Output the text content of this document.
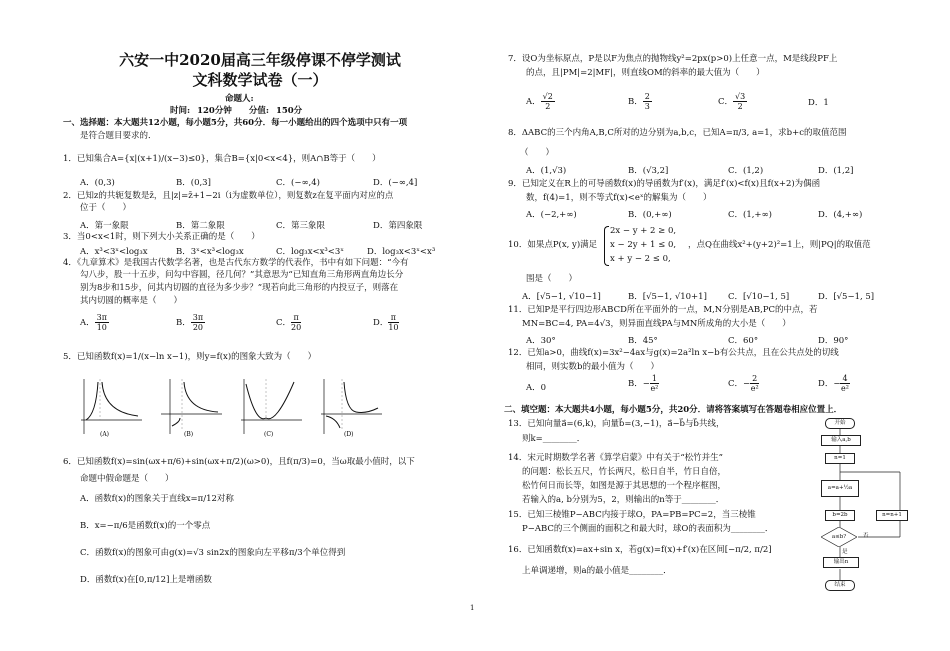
六安一中2020届高三年级停课不停学测试
文科数学试卷（一）
命题人:
时间: 120分钟　　分值: 150分
一、选择题：本大题共12小题，每小题5分，共60分．每一小题给出的四个选项中只有一项
是符合题目要求的．
1．已知集合A={x|(x+1)/(x−3)≤0}，集合B={x|0<x<4}，则A∩B等于（　　）
A．(0,3)	B．(0,3]	C．(−∞,4)	D．(−∞,4]
2．已知z的共轭复数是z̄，且|z|=z̄+1−2i（i为虚数单位），则复数z在复平面内对应的点
位于（　　）
A．第一象限	B．第二象限	C．第三象限	D．第四象限
3．当0<x<1时，则下列大小关系正确的是（　　）
A．x³<3ˣ<log₃x	B．3ˣ<x³<log₃x	C．log₃x<x³<3ˣ	D．log₃x<3ˣ<x³
4．《九章算术》是我国古代数学名著，也是古代东方数学的代表作，书中有如下问题：“今有
勾八步，股一十五步，问勾中容圆，径几何？”其意思为“已知直角三角形两直角边长分
别为8步和15步，问其内切圆的直径为多少步？”现若向此三角形的内投豆子，则落在
其内切圆的概率是（　　）
A． $\frac{3\pi}{10}$	B． $\frac{3\pi}{20}$	C． $\frac{\pi}{20}$	D． $\frac{\pi}{10}$
5．已知函数f(x)=1/(x−ln x−1)，则y=f(x)的图象大致为（　　）
(A)	(B)	(C)	(D)
6．已知函数f(x)=sin(ωx+π/6)+sin(ωx+π/2)(ω>0)，且f(π/3)=0，当ω取最小值时，以下
命题中假命题是（　　）
A．函数f(x)的图象关于直线x=π/12对称
B．x=−π/6是函数f(x)的一个零点
C．函数f(x)的图象可由g(x)=√3 sin2x的图象向左平移π/3个单位得到
D．函数f(x)在[0,π/12]上是增函数
7．设O为坐标原点，P是以F为焦点的抛物线y²=2px(p>0)上任意一点，M是线段PF上
的点，且|PM|=2|MF|，则直线OM的斜率的最大值为（　　）
A． $\frac{√2}{2}$	B． $\frac{2}{3}$	C． $\frac{√3}{2}$	D．1
8．ΔABC的三个内角A,B,C所对的边分别为a,b,c，已知A=π/3, a=1，求b+c的取值范围
（　　）
A．(1,√3)	B．(√3,2]	C．(1,2)	D．(1,2]
9．已知定义在R上的可导函数f(x)的导函数为f′(x)，满足f′(x)<f(x)且f(x+2)为偶函
数，f(4)=1，则不等式f(x)<eˣ的解集为（　　）
A．(−2,+∞)	B．(0,+∞)	C．(1,+∞)	D．(4,+∞)
10．如果点P(x, y)满足
2x − y + 2 ≥ 0,
x − 2y + 1 ≤ 0,
x + y − 2 ≤ 0,
，点Q在曲线x²+(y+2)²=1上，则|PQ|的取值范
围是（　　）
A．[√5−1, √10−1]	B．[√5−1, √10+1] C．[√10−1, 5]	D．[√5−1, 5]
11．已知P是平行四边形ABCD所在平面外的一点，M,N分别是AB,PC的中点，若
MN=BC=4, PA=4√3，则异面直线PA与MN所成角的大小是（　　）
A．30°	B．45°	C．60°	D．90°
12．已知a>0，曲线f(x)=3x²−4ax与g(x)=2a²ln x−b有公共点，且在公共点处的切线
相同，则实数b的最小值为（　　）
A．0	B．− $\frac{1}{\text{e²}}$	C．− $\frac{2}{\text{e²}}$	D．− $\frac{4}{\text{e²}}$
二、填空题：本大题共4小题，每小题5分，共20分．请将答案填写在答题卷相应位置上．
13．已知向量a⃗=(6,k)，向量b⃗=(3,−1)，a⃗−b⃗与b⃗共线，
则k=________．
14．宋元时期数学名著《算学启蒙》中有关于“松竹并生”
的问题：松长五尺，竹长两尺，松日自半，竹日自倍，
松竹何日而长等，如图是源于其思想的一个程序框图，
若输入的a, b分别为5，2，则输出的n等于________．
15．已知三棱锥P−ABC内接于球O，PA=PB=PC=2，当三棱锥
P−ABC的三个侧面的面积之和最大时，球O的表面积为________．
16．已知函数f(x)=ax+sin x，若g(x)=f(x)+f′(x)在区间[−π/2, π/2]
上单调递增，则a的最小值是________．
开始
输入a,b
n=1
a=a+½a
b=2b
a≤b?
n=n+1
是
否
输出n
结束
1
